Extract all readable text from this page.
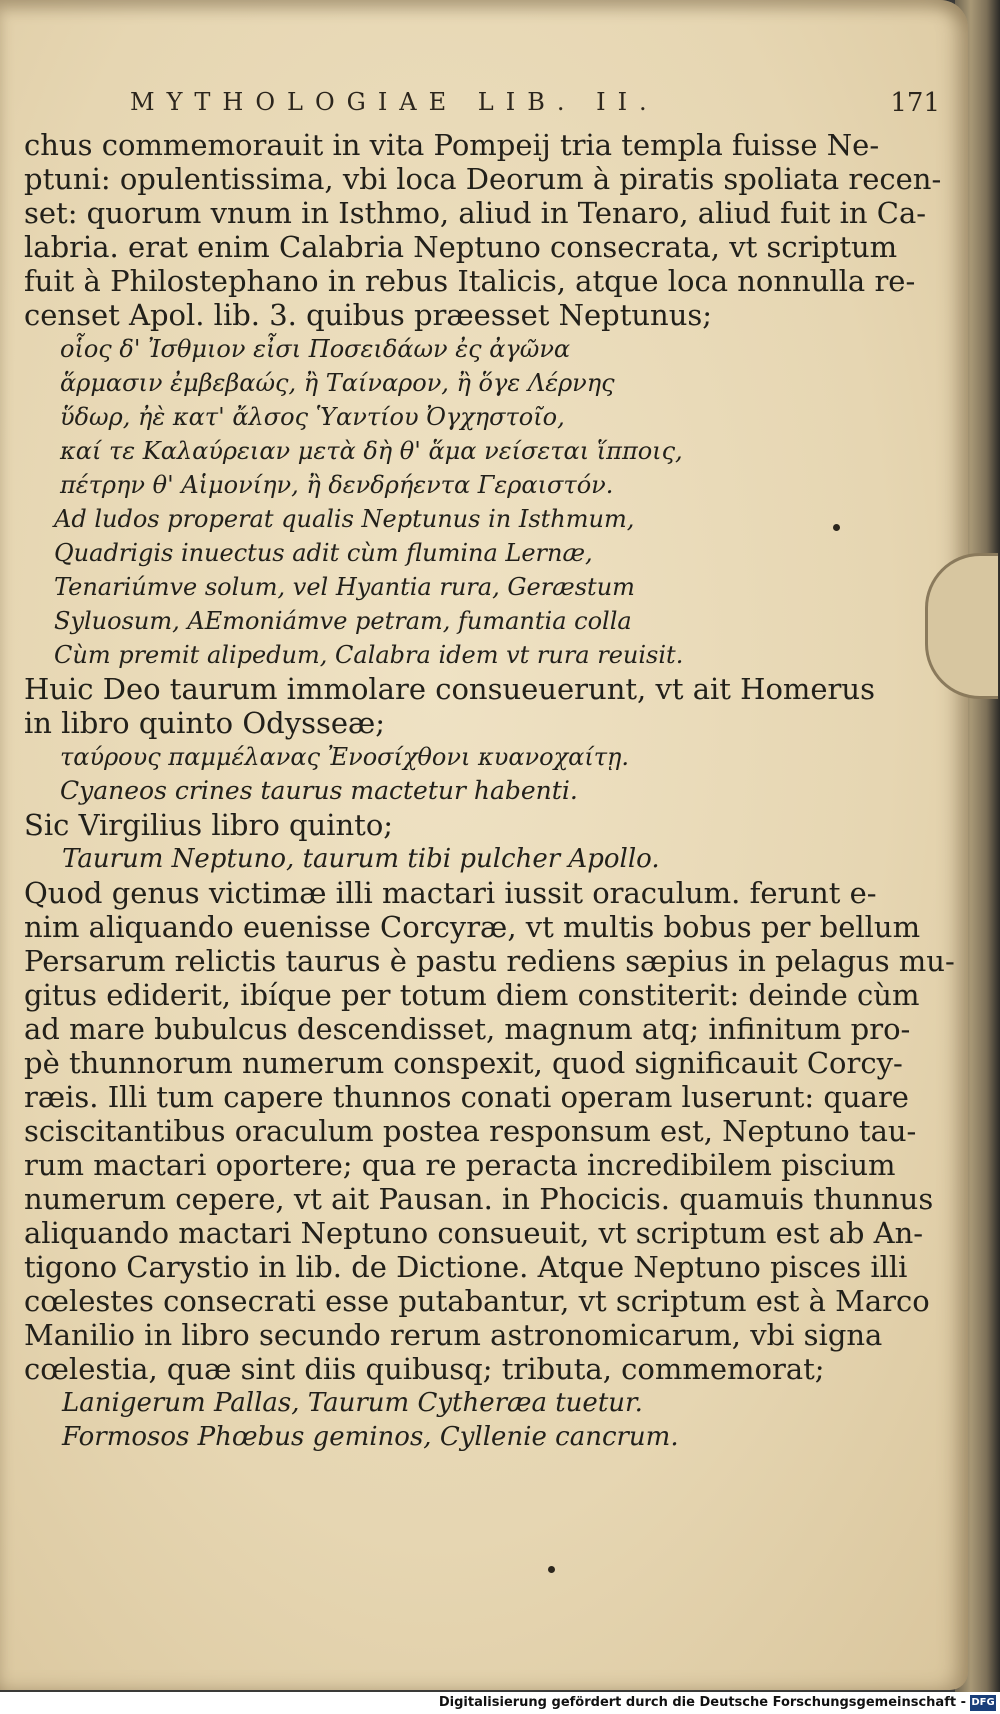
MYTHOLOGIAE LIB. II.	171
chus commemorauit in vita Pompeij tria templa fuisse Ne-
ptuni: opulentissima, vbi loca Deorum à piratis spoliata recen-
set: quorum vnum in Isthmo, aliud in Tenaro, aliud fuit in Ca-
labria. erat enim Calabria Neptuno consecrata, vt scriptum
fuit à Philostephano in rebus Italicis, atque loca nonnulla re-
censet Apol. lib. 3. quibus præesset Neptunus;
οἷος δ' Ἰσθμιον εἶσι Ποσειδάων ἐς ἀγῶνα
ἅρμασιν ἐμβεβαώς, ἢ Ταίναρον, ἢ ὅγε Λέρνης
ὕδωρ, ἠὲ κατ' ἄλσος Ὑαντίου Ὀγχηστοῖο,
καί τε Καλαύρειαν μετὰ δὴ θ' ἅμα νείσεται ἵπποις,
πέτρην θ' Αἱμονίην, ἢ δενδρήεντα Γεραιστόν.
Ad ludos properat qualis Neptunus in Isthmum,
Quadrigis inuectus adit cùm flumina Lernæ,
Tenariúmve solum, vel Hyantia rura, Geræstum
Syluosum, AEmoniámve petram, fumantia colla
Cùm premit alipedum, Calabra idem vt rura reuisit.
Huic Deo taurum immolare consueuerunt, vt ait Homerus
in libro quinto Odysseæ;
ταύρους παμμέλανας Ἐνοσίχθονι κυανοχαίτῃ.
Cyaneos crines taurus mactetur habenti.
Sic Virgilius libro quinto;
Taurum Neptuno, taurum tibi pulcher Apollo.
Quod genus victimæ illi mactari iussit oraculum. ferunt e-
nim aliquando euenisse Corcyræ, vt multis bobus per bellum
Persarum relictis taurus è pastu rediens sæpius in pelagus mu-
gitus ediderit, ibíque per totum diem constiterit: deinde cùm
ad mare bubulcus descendisset, magnum atq; infinitum pro-
pè thunnorum numerum conspexit, quod significauit Corcy-
ræis. Illi tum capere thunnos conati operam luserunt: quare
sciscitantibus oraculum postea responsum est, Neptuno tau-
rum mactari oportere; qua re peracta incredibilem piscium
numerum cepere, vt ait Pausan. in Phocicis. quamuis thunnus
aliquando mactari Neptuno consueuit, vt scriptum est ab An-
tigono Carystio in lib. de Dictione. Atque Neptuno pisces illi
cœlestes consecrati esse putabantur, vt scriptum est à Marco
Manilio in libro secundo rerum astronomicarum, vbi signa
cœlestia, quæ sint diis quibusq; tributa, commemorat;
Lanigerum Pallas, Taurum Cytheræa tuetur.
Formosos Phœbus geminos, Cyllenie cancrum.
Digitalisierung gefördert durch die Deutsche Forschungsgemeinschaft - DFG
